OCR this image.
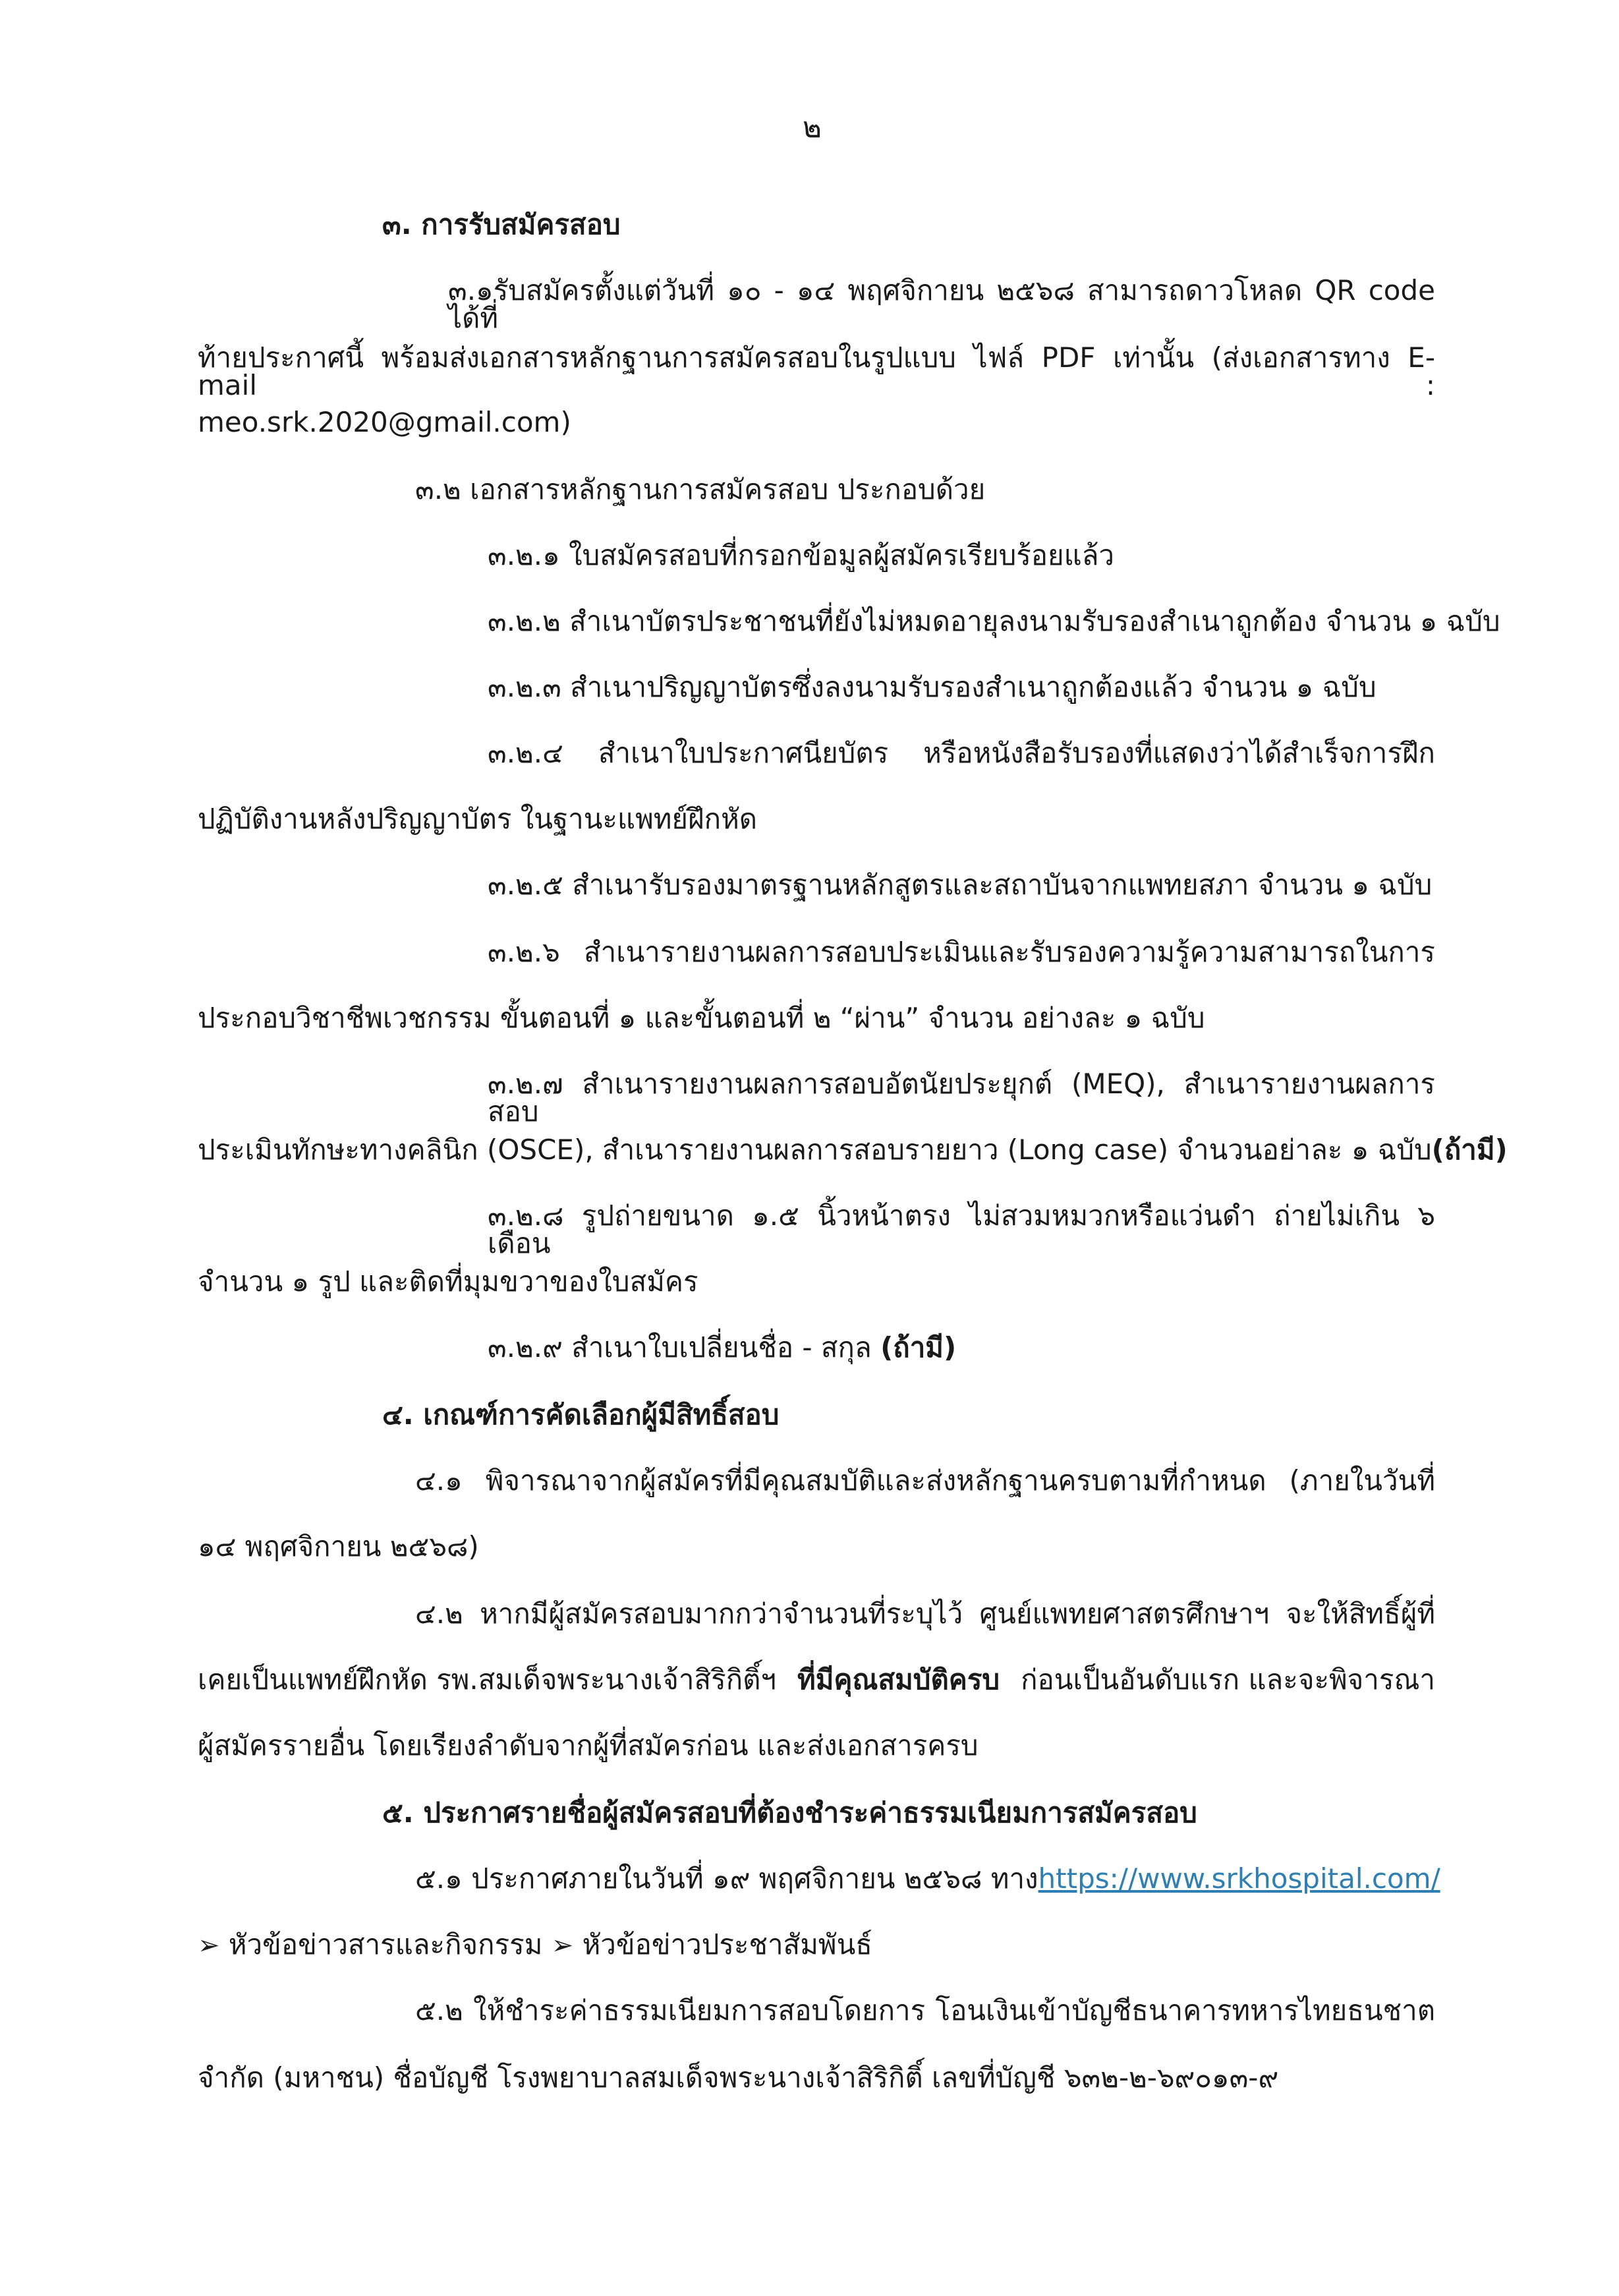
๒
๓. การรับสมัครสอบ
๓.๑รับสมัครตั้งแต่วันที่ ๑๐ - ๑๔ พฤศจิกายน ๒๕๖๘ สามารถดาวโหลด QR code ได้ที่
ท้ายประกาศนี้ พร้อมส่งเอกสารหลักฐานการสมัครสอบในรูปแบบ ไฟล์ PDF เท่านั้น (ส่งเอกสารทาง E-mail :
meo.srk.2020@gmail.com)
๓.๒ เอกสารหลักฐานการสมัครสอบ ประกอบด้วย
๓.๒.๑ ใบสมัครสอบที่กรอกข้อมูลผู้สมัครเรียบร้อยแล้ว
๓.๒.๒ สำเนาบัตรประชาชนที่ยังไม่หมดอายุลงนามรับรองสำเนาถูกต้อง จำนวน ๑ ฉบับ
๓.๒.๓ สำเนาปริญญาบัตรซึ่งลงนามรับรองสำเนาถูกต้องแล้ว จำนวน ๑ ฉบับ
๓.๒.๔ สำเนาใบประกาศนียบัตร หรือหนังสือรับรองที่แสดงว่าได้สำเร็จการฝึก
ปฏิบัติงานหลังปริญญาบัตร ในฐานะแพทย์ฝึกหัด
๓.๒.๕ สำเนารับรองมาตรฐานหลักสูตรและสถาบันจากแพทยสภา จำนวน ๑ ฉบับ
๓.๒.๖ สำเนารายงานผลการสอบประเมินและรับรองความรู้ความสามารถในการ
ประกอบวิชาชีพเวชกรรม ขั้นตอนที่ ๑ และขั้นตอนที่ ๒ “ผ่าน” จำนวน อย่างละ ๑ ฉบับ
๓.๒.๗ สำเนารายงานผลการสอบอัตนัยประยุกต์ (MEQ), สำเนารายงานผลการสอบ
ประเมินทักษะทางคลินิก (OSCE), สำเนารายงานผลการสอบรายยาว (Long case) จำนวนอย่าละ ๑ ฉบับ (ถ้ามี)
๓.๒.๘ รูปถ่ายขนาด ๑.๕ นิ้วหน้าตรง ไม่สวมหมวกหรือแว่นดำ ถ่ายไม่เกิน ๖ เดือน
จำนวน ๑ รูป และติดที่มุมขวาของใบสมัคร
๓.๒.๙ สำเนาใบเปลี่ยนชื่อ - สกุล (ถ้ามี)
๔. เกณฑ์การคัดเลือกผู้มีสิทธิ์สอบ
๔.๑ พิจารณาจากผู้สมัครที่มีคุณสมบัติและส่งหลักฐานครบตามที่กำหนด (ภายในวันที่
๑๔ พฤศจิกายน ๒๕๖๘)
๔.๒ หากมีผู้สมัครสอบมากกว่าจำนวนที่ระบุไว้ ศูนย์แพทยศาสตรศึกษาฯ จะให้สิทธิ์ผู้ที่
เคยเป็นแพทย์ฝึกหัด รพ.สมเด็จพระนางเจ้าสิริกิติ์ฯ ที่มีคุณสมบัติครบ ก่อนเป็นอันดับแรก และจะพิจารณา
ผู้สมัครรายอื่น โดยเรียงลำดับจากผู้ที่สมัครก่อน และส่งเอกสารครบ
๕. ประกาศรายชื่อผู้สมัครสอบที่ต้องชำระค่าธรรมเนียมการสมัครสอบ
๕.๑ ประกาศภายในวันที่ ๑๙ พฤศจิกายน ๒๕๖๘ ทาง https://www.srkhospital.com/
➢ หัวข้อข่าวสารและกิจกรรม ➢ หัวข้อข่าวประชาสัมพันธ์
๕.๒ ให้ชำระค่าธรรมเนียมการสอบโดยการ โอนเงินเข้าบัญชีธนาคารทหารไทยธนชาต
จำกัด (มหาชน) ชื่อบัญชี โรงพยาบาลสมเด็จพระนางเจ้าสิริกิติ์ เลขที่บัญชี ๖๓๒-๒-๖๙๐๑๓-๙
